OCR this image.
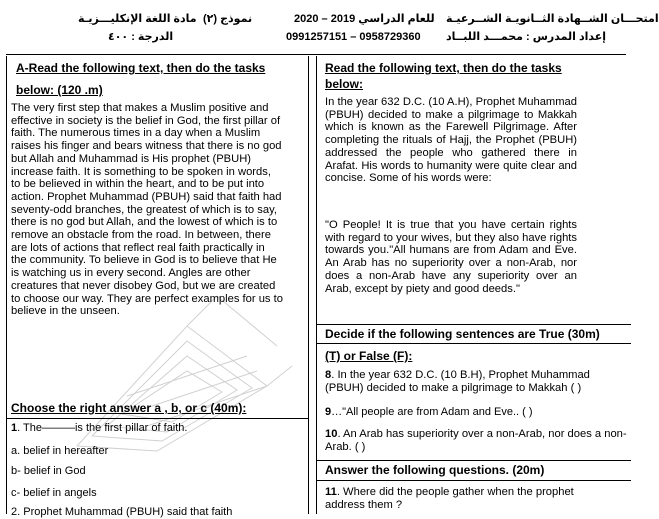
امتحـــان الشــهادة الثــانويـة الشــرعيـة
للعام الدراسي 2019 – 2020
نموذج (٢)
مادة اللغة الإنكليـــزيـة
إعداد المدرس : محمـــد اللبــاد
0991257151 – 0958729360
الدرجة : ٤٠٠
A-Read the following text, then do the tasks
below: (120 .m)
The very first step that makes a Muslim positive and effective in society is the belief in God, the first pillar of faith. The numerous times in a day when a Muslim raises his finger and bears witness that there is no god but Allah and Muhammad is His prophet (PBUH) increase faith. It is something to be spoken in words, to be believed in within the heart, and to be put into action. Prophet Muhammad (PBUH) said that faith had seventy-odd branches, the greatest of which is to say, there is no god but Allah, and the lowest of which is to remove an obstacle from the road. In between, there are lots of actions that reflect real faith practically in the community. To believe in God is to believe that He is watching us in every second. Angles are other creatures that never disobey God, but we are created to choose our way. They are perfect examples for us to believe in the unseen.
Choose the right answer a , b, or c (40m):
1. The———is the first pillar of faith.
a. belief in hereafter
b- belief in God
c- belief in angels
2. Prophet Muhammad (PBUH) said that faith
Read the following text, then do the tasks
below:
In the year 632 D.C. (10 A.H), Prophet Muhammad (PBUH) decided to make a pilgrimage to Makkah which is known as the Farewell Pilgrimage. After completing the rituals of Hajj, the Prophet (PBUH) addressed the people who gathered there in Arafat. His words to humanity were quite clear and concise. Some of his words were:
"O People! It is true that you have certain rights with regard to your wives, but they also have rights towards you."All humans are from Adam and Eve. An Arab has no superiority over a non-Arab, nor does a non-Arab have any superiority over an Arab, except by piety and good deeds."
Decide if the following sentences are True (30m)
(T) or False (F):
8. In the year 632 D.C. (10 B.H), Prophet Muhammad (PBUH) decided to make a pilgrimage to Makkah ( )
9…"All people are from Adam and Eve.. ( )
10. An Arab has superiority over a non-Arab, nor does a non-Arab. ( )
Answer the following questions. (20m)
11. Where did the people gather when the prophet address them ?
